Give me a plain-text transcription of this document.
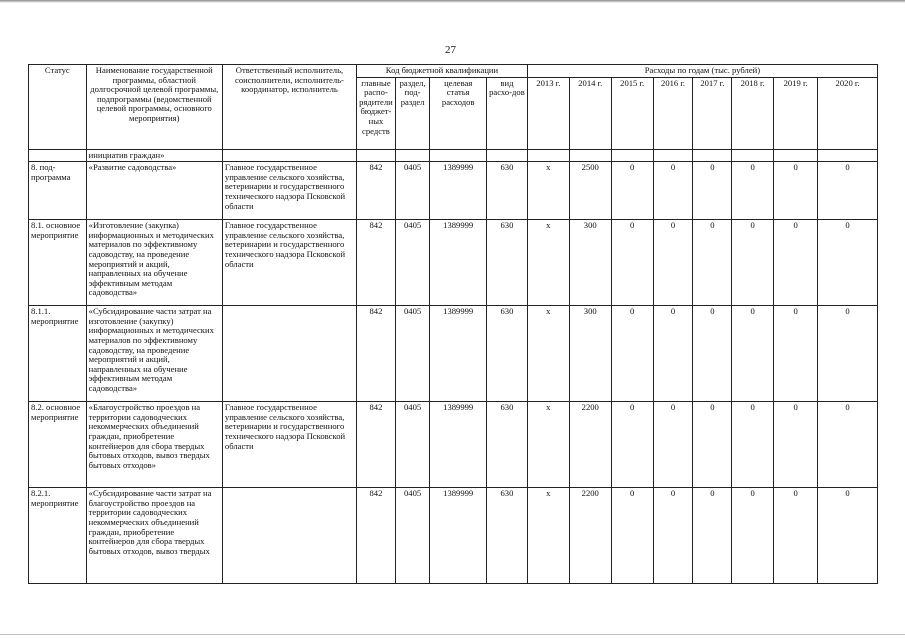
27
Статус	Наименование государственной программы, областной долгосрочной целевой программы, подпрограммы (ведомственной целевой программы, основного мероприятия)	Ответственный исполнитель, соисполнители, исполнитель-координатор, исполнитель	Код бюджетной квалификации				Расходы по годам (тыс. рублей)							
			главные распо-рядители бюджет-ных средств	раздел, под-раздел	целевая статья расходов	вид расхо-дов	2013 г.	2014 г.	2015 г.	2016 г.	2017 г.	2018 г.	2019 г.	2020 г.
	инициатив граждан»													
8. под-программа	«Развитие садоводства»	Главное государственное управление сельского хозяйства, ветеринарии и государственного технического надзора Псковской области	842	0405	1389999	630	х	2500	0	0	0	0	0	0
8.1. основное мероприятие	«Изготовление (закупка) информационных и методических материалов по эффективному садоводству, на проведение мероприятий и акций, направленных на обучение эффективным методам садоводства»	Главное государственное управление сельского хозяйства, ветеринарии и государственного технического надзора Псковской области	842	0405	1389999	630	х	300	0	0	0	0	0	0
8.1.1. мероприятие	«Субсидирование части затрат на изготовление (закупку) информационных и методических материалов по эффективному садоводству, на проведение мероприятий и акций, направленных на обучение эффективным методам садоводства»		842	0405	1389999	630	х	300	0	0	0	0	0	0
8.2. основное мероприятие	«Благоустройство проездов на территории садоводческих некоммерческих объединений граждан, приобретение контейнеров для сбора твердых бытовых отходов, вывоз твердых бытовых отходов»	Главное государственное управление сельского хозяйства, ветеринарии и государственного технического надзора Псковской области	842	0405	1389999	630	х	2200	0	0	0	0	0	0
8.2.1. мероприятие	«Субсидирование части затрат на благоустройство проездов на территории садоводческих некоммерческих объединений граждан, приобретение контейнеров для сбора твердых бытовых отходов, вывоз твердых		842	0405	1389999	630	х	2200	0	0	0	0	0	0
